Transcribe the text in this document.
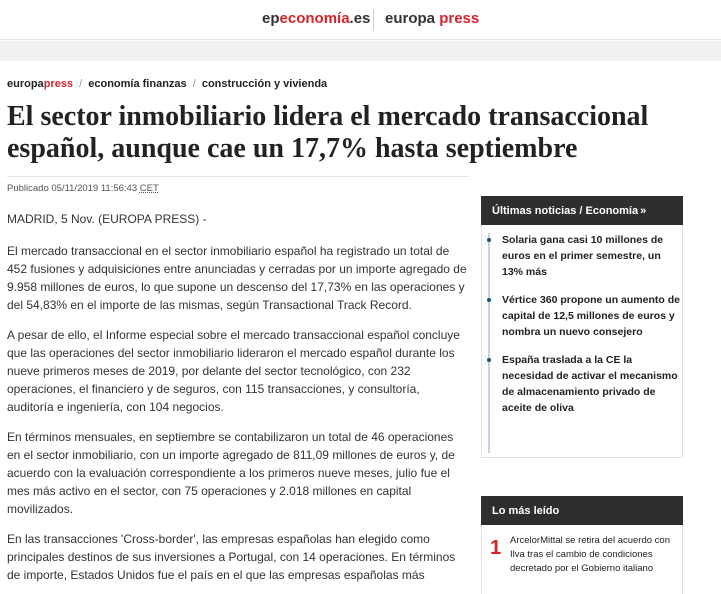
epeconomía.es europa press
europapress / economía finanzas / construcción y vivienda
El sector inmobiliario lidera el mercado transaccional español, aunque cae un 17,7% hasta septiembre
Publicado 05/11/2019 11:56:43 CET

MADRID, 5 Nov. (EUROPA PRESS) -

El mercado transaccional en el sector inmobiliario español ha registrado un total de 452 fusiones y adquisiciones entre anunciadas y cerradas por un importe agregado de 9.958 millones de euros, lo que supone un descenso del 17,73% en las operaciones y del 54,83% en el importe de las mismas, según Transactional Track Record.

A pesar de ello, el Informe especial sobre el mercado transaccional español concluye que las operaciones del sector inmobiliario lideraron el mercado español durante los nueve primeros meses de 2019, por delante del sector tecnológico, con 232 operaciones, el financiero y de seguros, con 115 transacciones, y consultoría, auditoría e ingeniería, con 104 negocios.

En términos mensuales, en septiembre se contabilizaron un total de 46 operaciones en el sector inmobiliario, con un importe agregado de 811,09 millones de euros y, de acuerdo con la evaluación correspondiente a los primeros nueve meses, julio fue el mes más activo en el sector, con 75 operaciones y 2.018 millones en capital movilizados.

En las transacciones 'Cross-border', las empresas españolas han elegido como principales destinos de sus inversiones a Portugal, con 14 operaciones. En términos de importe, Estados Unidos fue el país en el que las empresas españolas más

Últimas noticias / Economía »
Solaria gana casi 10 millones de euros en el primer semestre, un 13% más
Vértice 360 propone un aumento de capital de 12,5 millones de euros y nombra un nuevo consejero
España traslada a la CE la necesidad de activar el mecanismo de almacenamiento privado de aceite de oliva
Lo más leído
1 ArcelorMittal se retira del acuerdo con Ilva tras el cambio de condiciones decretado por el Gobierno italiano
